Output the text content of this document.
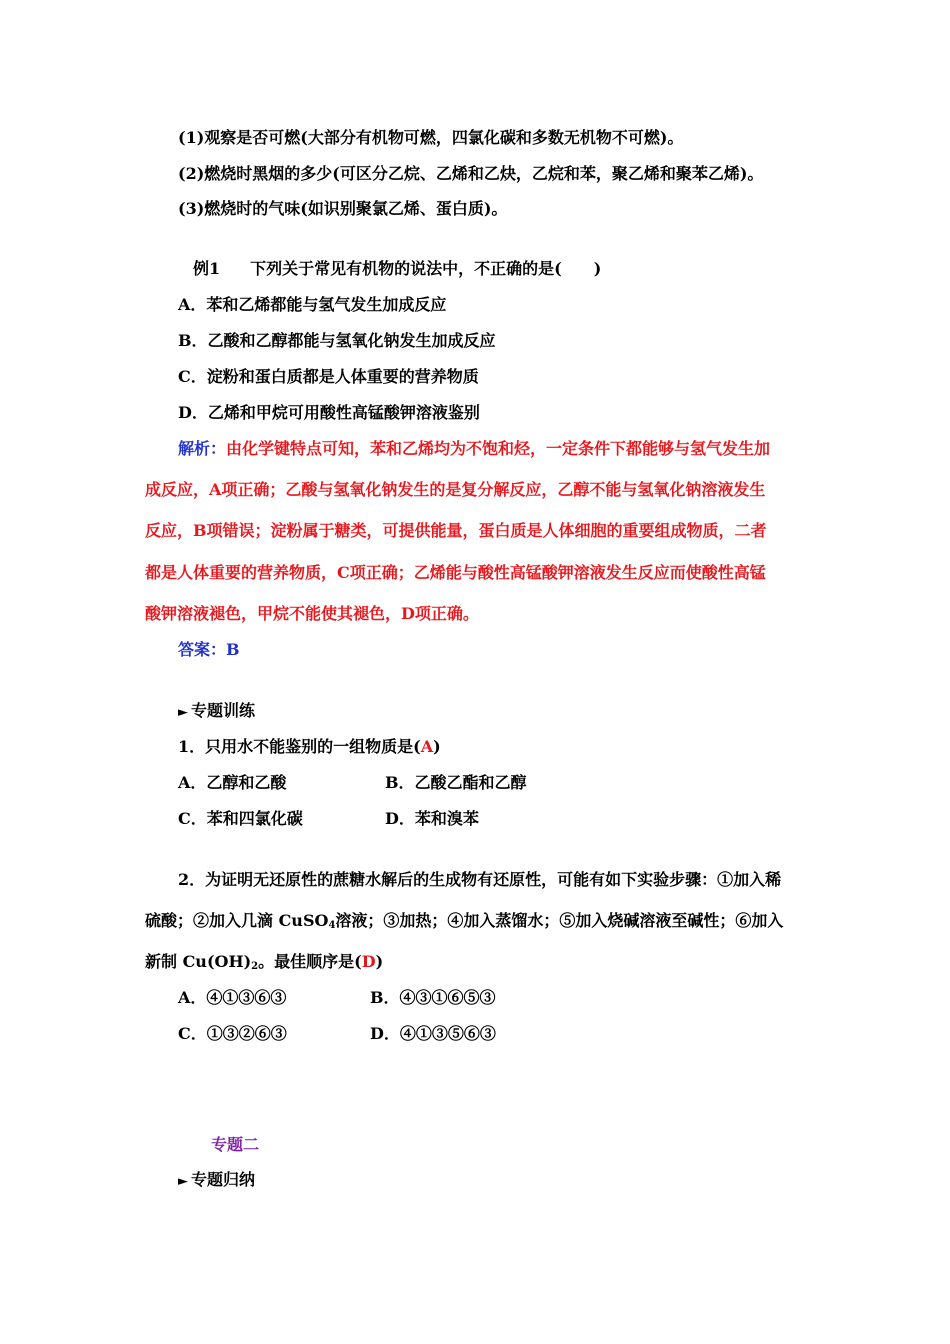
(1)观察是否可燃(大部分有机物可燃，四氯化碳和多数无机物不可燃)。
(2)燃烧时黑烟的多少(可区分乙烷、乙烯和乙炔，乙烷和苯，聚乙烯和聚苯乙烯)。
(3)燃烧时的气味(如识别聚氯乙烯、蛋白质)。
例1 下列关于常见有机物的说法中，不正确的是(　　)
A．苯和乙烯都能与氢气发生加成反应
B．乙酸和乙醇都能与氢氧化钠发生加成反应
C．淀粉和蛋白质都是人体重要的营养物质
D．乙烯和甲烷可用酸性高锰酸钾溶液鉴别
解析：由化学键特点可知，苯和乙烯均为不饱和烃，一定条件下都能够与氢气发生加
成反应，A项正确；乙酸与氢氧化钠发生的是复分解反应，乙醇不能与氢氧化钠溶液发生
反应，B项错误；淀粉属于糖类，可提供能量，蛋白质是人体细胞的重要组成物质，二者
都是人体重要的营养物质，C项正确；乙烯能与酸性高锰酸钾溶液发生反应而使酸性高锰
酸钾溶液褪色，甲烷不能使其褪色，D项正确。
答案：B
► 专题训练
1．只用水不能鉴别的一组物质是(A)
A．乙醇和乙酸	B．乙酸乙酯和乙醇
C．苯和四氯化碳	D．苯和溴苯
2．为证明无还原性的蔗糖水解后的生成物有还原性，可能有如下实验步骤：①加入稀
硫酸；②加入几滴 CuSO$_4$溶液；③加热；④加入蒸馏水；⑤加入烧碱溶液至碱性；⑥加入
新制 $Cu(OH)_2$。最佳顺序是(D)
A．④①③⑥③	B．④③①⑥⑤③
C．①③②⑥③	D．④①③⑤⑥③
专题二
► 专题归纳
